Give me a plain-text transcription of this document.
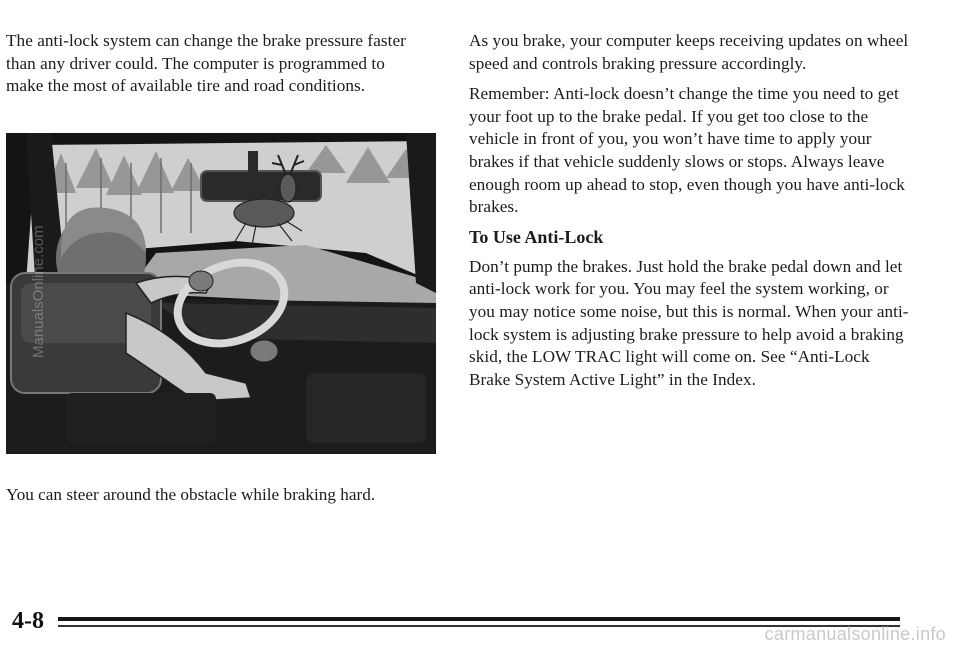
The anti-lock system can change the brake pressure faster than any driver could. The computer is programmed to make the most of available tire and road conditions.

ManualsOnline.com

You can steer around the obstacle while braking hard.

As you brake, your computer keeps receiving updates on wheel speed and controls braking pressure accordingly.

Remember: Anti-lock doesn’t change the time you need to get your foot up to the brake pedal. If you get too close to the vehicle in front of you, you won’t have time to apply your brakes if that vehicle suddenly slows or stops. Always leave enough room up ahead to stop, even though you have anti-lock brakes.

To Use Anti-Lock

Don’t pump the brakes. Just hold the brake pedal down and let anti-lock work for you. You may feel the system working, or you may notice some noise, but this is normal. When your anti-lock system is adjusting brake pressure to help avoid a braking skid, the LOW TRAC light will come on. See “Anti-Lock Brake System Active Light” in the Index.

4-8	carmanualsonline.info
